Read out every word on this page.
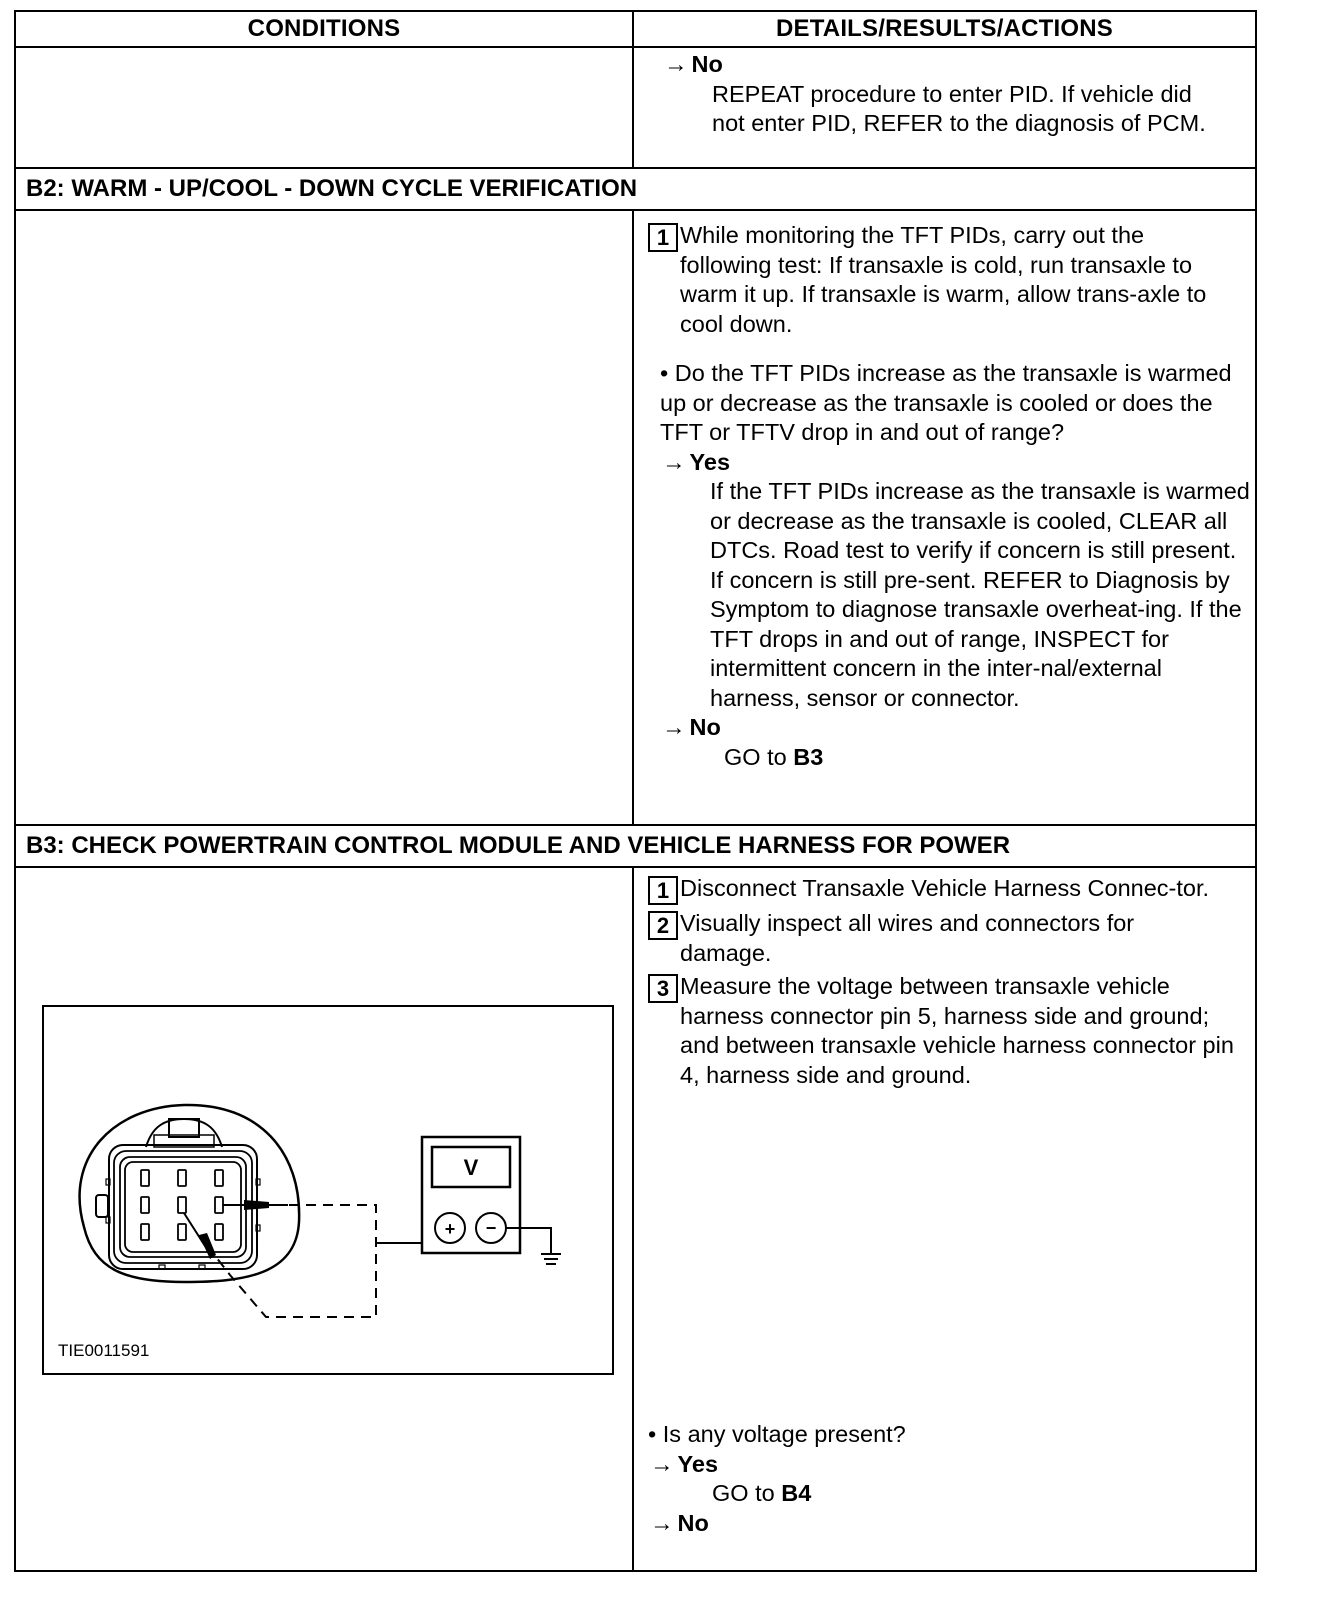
CONDITIONS	DETAILS/RESULTS/ACTIONS

	→ No
REPEAT procedure to enter PID. If vehicle did not enter PID, REFER to the diagnosis of PCM.

B2: WARM - UP/COOL - DOWN CYCLE VERIFICATION	

1 While monitoring the TFT PIDs, carry out the following test: If transaxle is cold, run transaxle to warm it up. If transaxle is warm, allow trans-axle to cool down.
• Do the TFT PIDs increase as the transaxle is warmed up or decrease as the transaxle is cooled or does the TFT or TFTV drop in and out of range?
→ Yes
If the TFT PIDs increase as the transaxle is warmed or decrease as the transaxle is cooled, CLEAR all DTCs. Road test to verify if concern is still present. If concern is still pre-sent. REFER to Diagnosis by Symptom to diagnose transaxle overheat-ing. If the TFT drops in and out of range, INSPECT for intermittent concern in the inter-nal/external harness, sensor or connector.
→ No
GO to B3

B3: CHECK POWERTRAIN CONTROL MODULE AND VEHICLE HARNESS FOR POWER	

1 Disconnect Transaxle Vehicle Harness Connec-tor.
2 Visually inspect all wires and connectors for damage.
3 Measure the voltage between transaxle vehicle harness connector pin 5, harness side and ground; and between transaxle vehicle harness connector pin 4, harness side and ground.
• Is any voltage present?
→ Yes
GO to B4
→ No
V
+ −
TIE0011591
